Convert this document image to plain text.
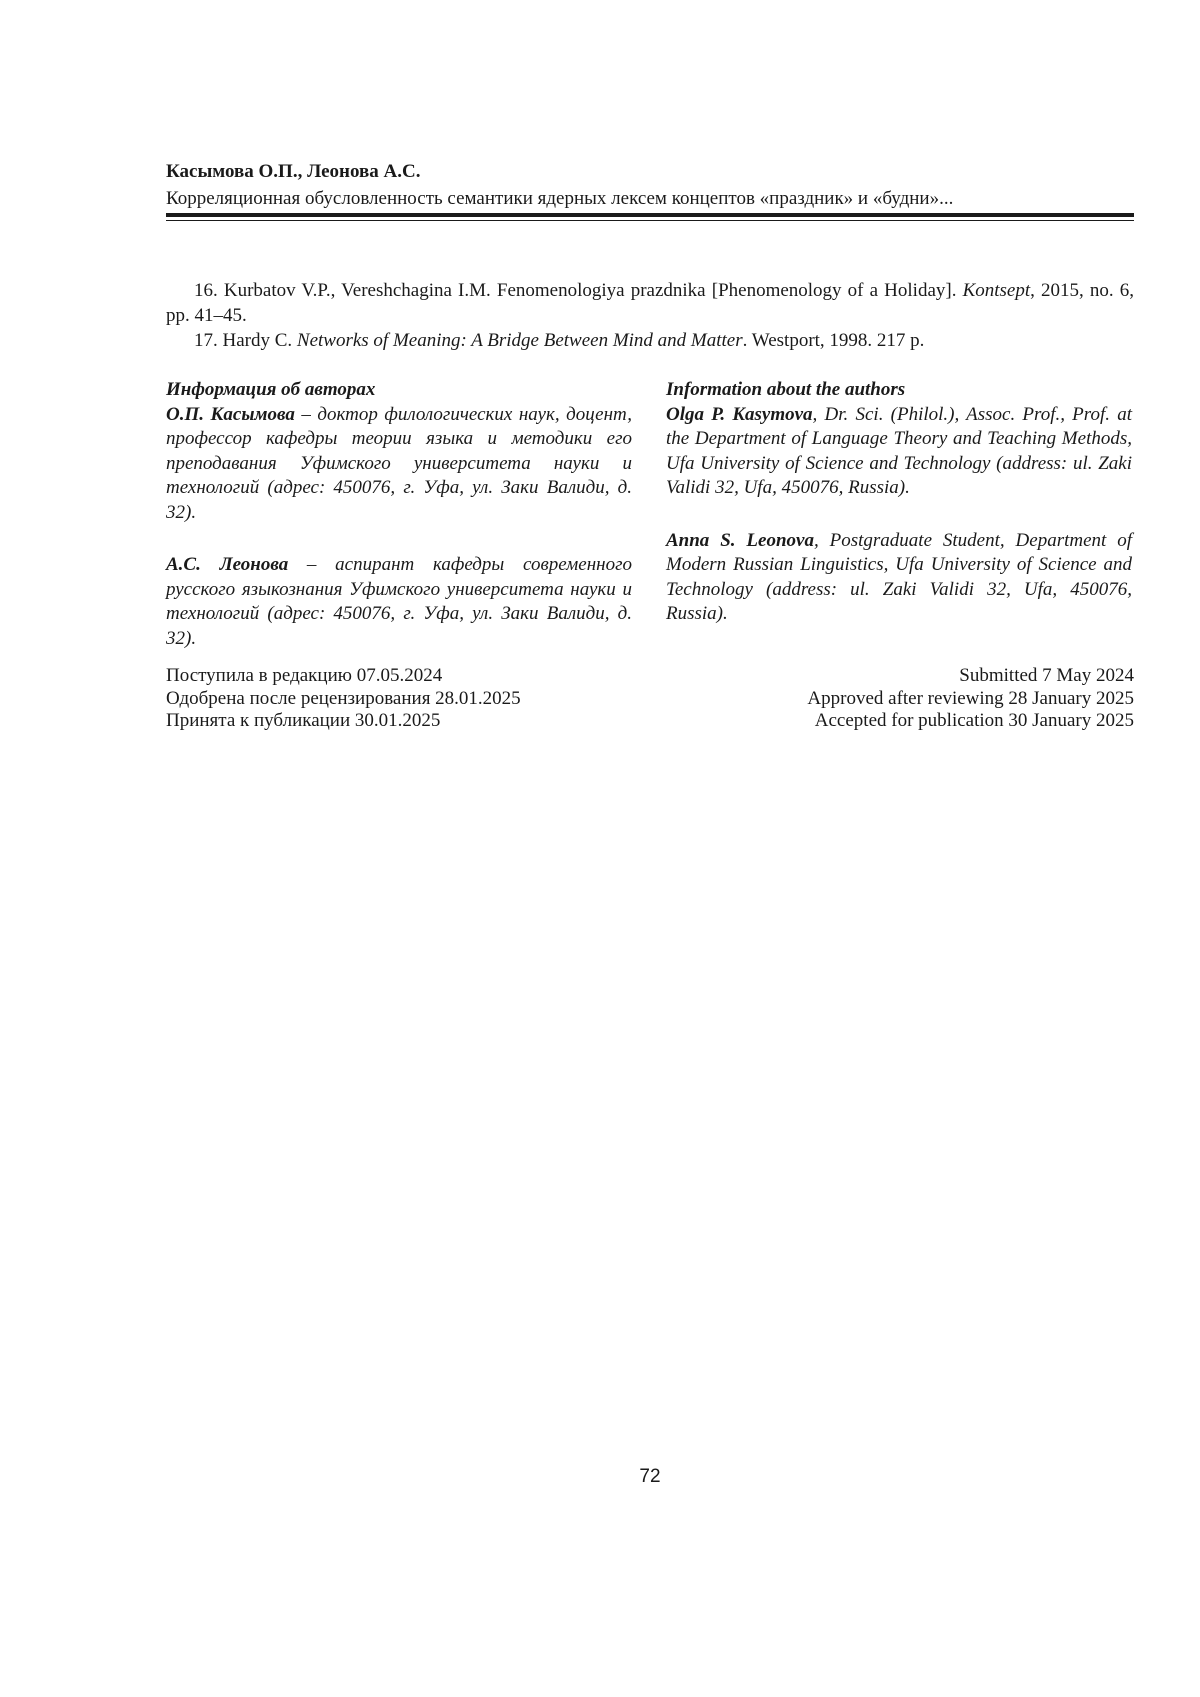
Касымова О.П., Леонова А.С.
Корреляционная обусловленность семантики ядерных лексем концептов «праздник» и «будни»...

16. Kurbatov V.P., Vereshchagina I.M. Fenomenologiya prazdnika [Phenomenology of a Holiday]. Kontsept, 2015, no. 6, pp. 41–45.

17. Hardy C. Networks of Meaning: A Bridge Between Mind and Matter. Westport, 1998. 217 p.

Информация об авторах

О.П. Касымова – доктор филологических наук, доцент, профессор кафедры теории языка и методики его преподавания Уфимского университета науки и технологий (адрес: 450076, г. Уфа, ул. Заки Валиди, д. 32).

А.С. Леонова – аспирант кафедры современного русского языкознания Уфимского университета науки и технологий (адрес: 450076, г. Уфа, ул. Заки Валиди, д. 32).

Information about the authors

Olga P. Kasymova, Dr. Sci. (Philol.), Assoc. Prof., Prof. at the Department of Language Theory and Teaching Methods, Ufa University of Science and Technology (address: ul. Zaki Validi 32, Ufa, 450076, Russia).

Anna S. Leonova, Postgraduate Student, Department of Modern Russian Linguistics, Ufa University of Science and Technology (address: ul. Zaki Validi 32, Ufa, 450076, Russia).

Поступила в редакцию 07.05.2024
Одобрена после рецензирования 28.01.2025
Принята к публикации 30.01.2025
Submitted 7 May 2024
Approved after reviewing 28 January 2025
Accepted for publication 30 January 2025
72
